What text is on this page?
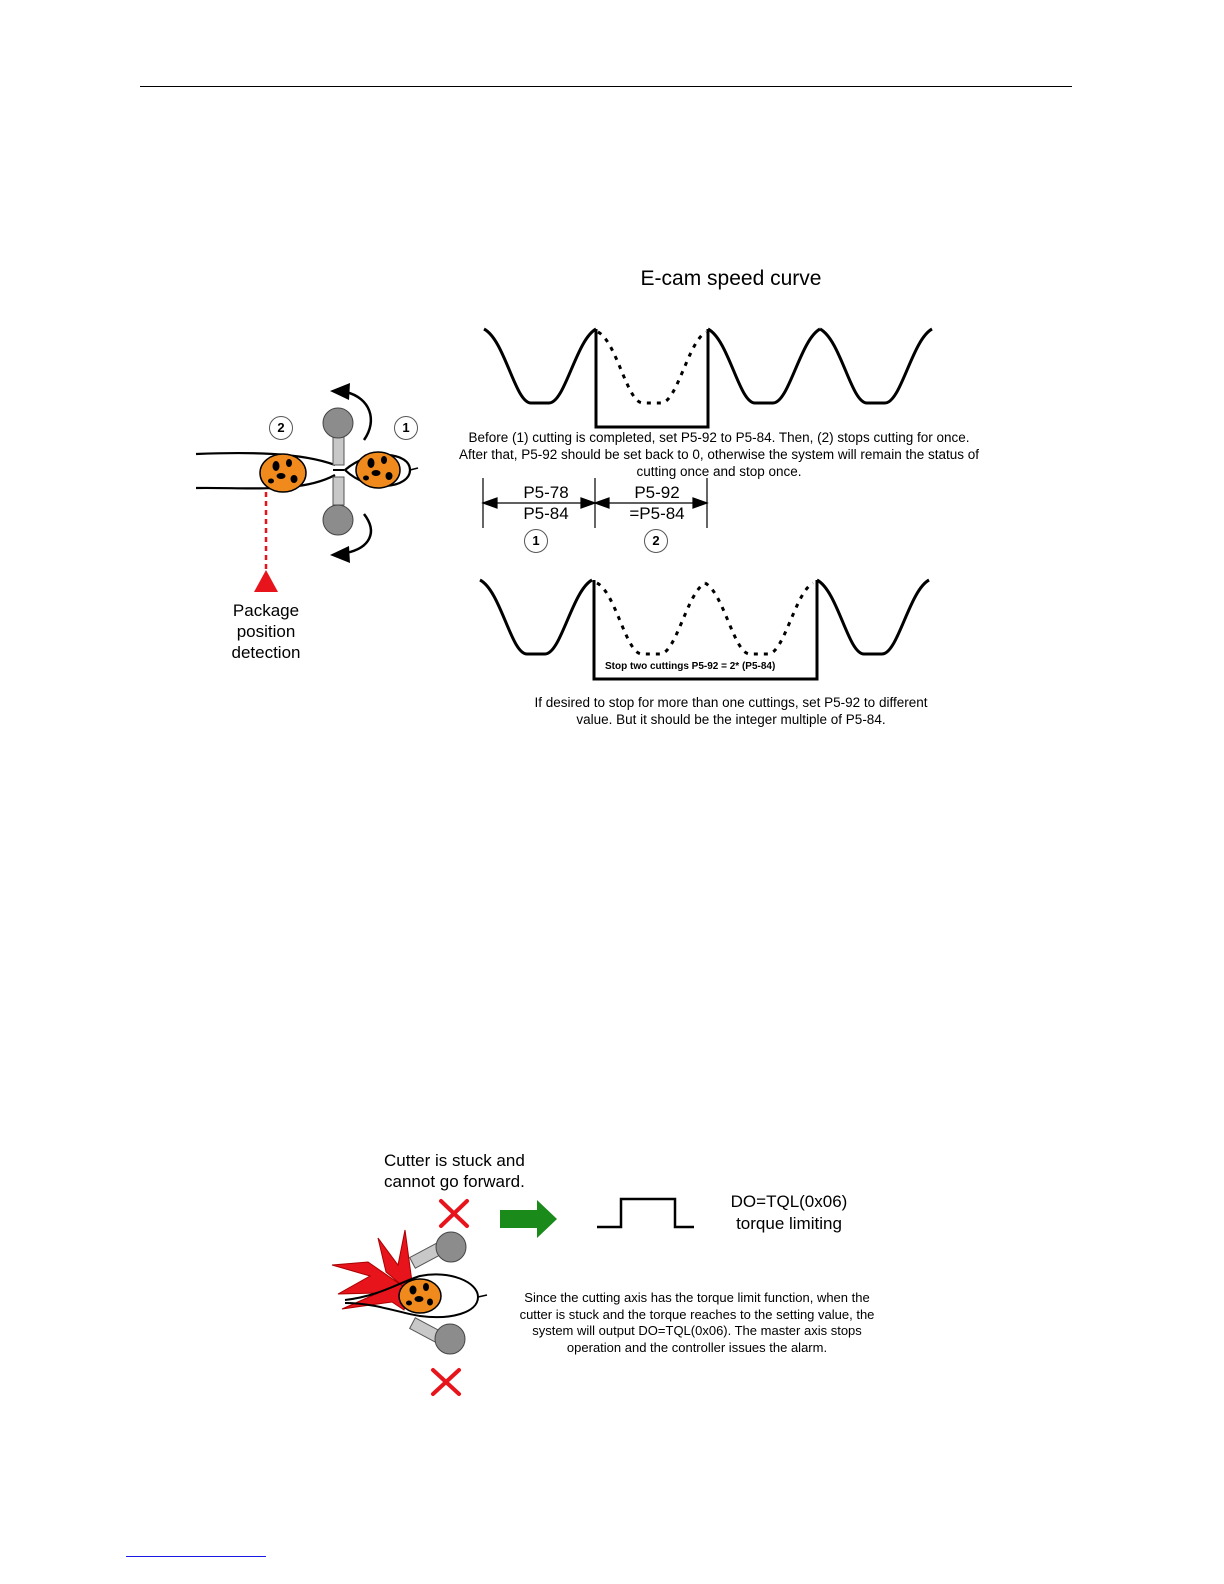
E-cam speed curve
2	1
1	2
Before (1) cutting is completed, set P5-92 to P5-84. Then, (2) stops cutting for once. After that, P5-92 should be set back to 0, otherwise the system will remain the status of cutting once and stop once.
P5-78
P5-84
P5-92
=P5-84
Package position detection
Stop two cuttings P5-92 = 2* (P5-84)
If desired to stop for more than one cuttings, set P5-92 to different value. But it should be the integer multiple of P5-84.
Cutter is stuck and cannot go forward.
DO=TQL(0x06)
torque limiting
Since the cutting axis has the torque limit function, when the cutter is stuck and the torque reaches to the setting value, the system will output DO=TQL(0x06). The master axis stops operation and the controller issues the alarm.
